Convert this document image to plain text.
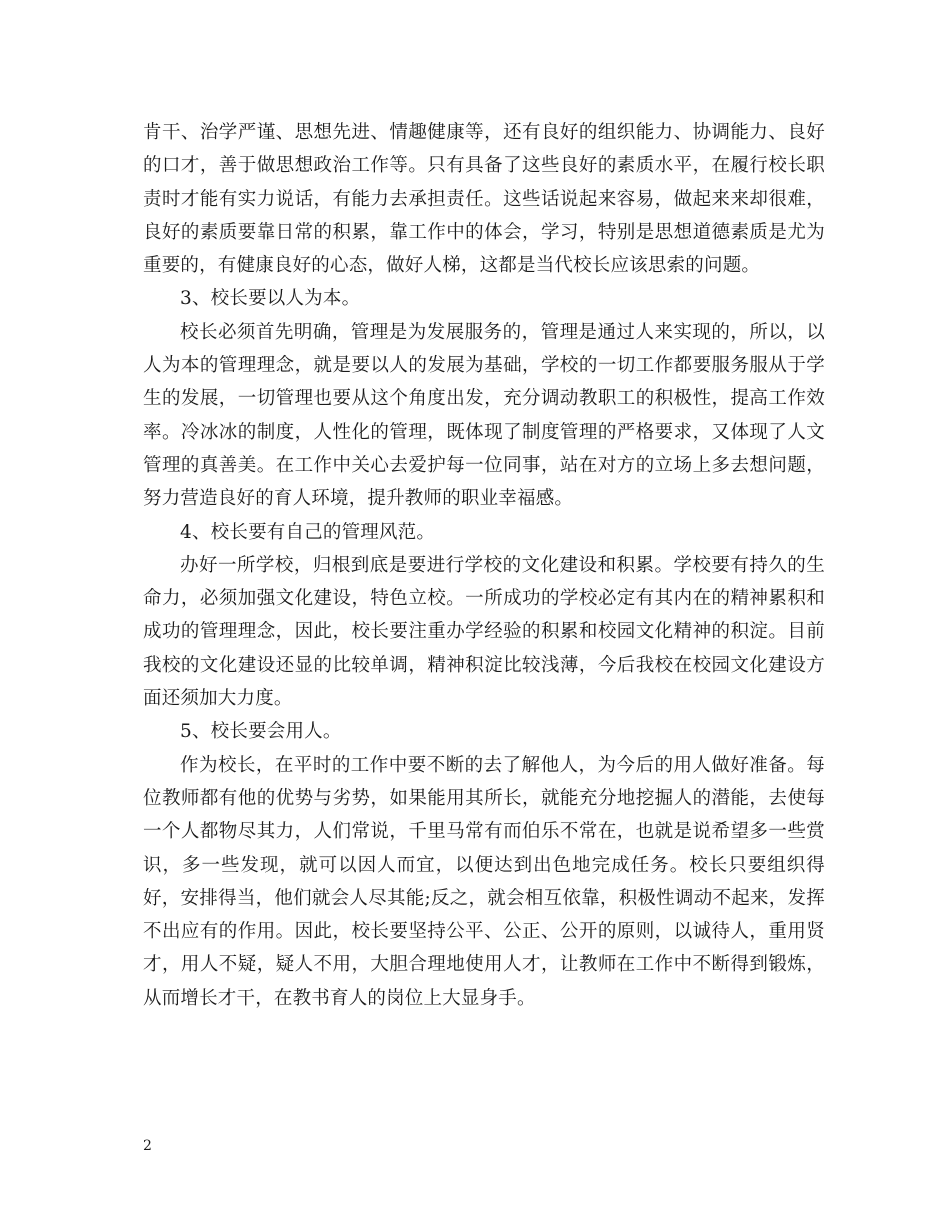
肯干、治学严谨、思想先进、情趣健康等，还有良好的组织能力、协调能力、良好的口才，善于做思想政治工作等。只有具备了这些良好的素质水平，在履行校长职责时才能有实力说话，有能力去承担责任。这些话说起来容易，做起来来却很难，良好的素质要靠日常的积累，靠工作中的体会，学习，特别是思想道德素质是尤为重要的，有健康良好的心态，做好人梯，这都是当代校长应该思索的问题。

3、校长要以人为本。

校长必须首先明确，管理是为发展服务的，管理是通过人来实现的，所以，以人为本的管理理念，就是要以人的发展为基础，学校的一切工作都要服务服从于学生的发展，一切管理也要从这个角度出发，充分调动教职工的积极性，提高工作效率。冷冰冰的制度，人性化的管理，既体现了制度管理的严格要求，又体现了人文管理的真善美。在工作中关心去爱护每一位同事，站在对方的立场上多去想问题，努力营造良好的育人环境，提升教师的职业幸福感。

4、校长要有自己的管理风范。

办好一所学校，归根到底是要进行学校的文化建设和积累。学校要有持久的生命力，必须加强文化建设，特色立校。一所成功的学校必定有其内在的精神累积和成功的管理理念，因此，校长要注重办学经验的积累和校园文化精神的积淀。目前我校的文化建设还显的比较单调，精神积淀比较浅薄，今后我校在校园文化建设方面还须加大力度。

5、校长要会用人。

作为校长，在平时的工作中要不断的去了解他人，为今后的用人做好准备。每位教师都有他的优势与劣势，如果能用其所长，就能充分地挖掘人的潜能，去使每一个人都物尽其力，人们常说，千里马常有而伯乐不常在，也就是说希望多一些赏识，多一些发现，就可以因人而宜，以便达到出色地完成任务。校长只要组织得好，安排得当，他们就会人尽其能;反之，就会相互依靠，积极性调动不起来，发挥不出应有的作用。因此，校长要坚持公平、公正、公开的原则，以诚待人，重用贤才，用人不疑，疑人不用，大胆合理地使用人才，让教师在工作中不断得到锻炼，从而增长才干，在教书育人的岗位上大显身手。

2
